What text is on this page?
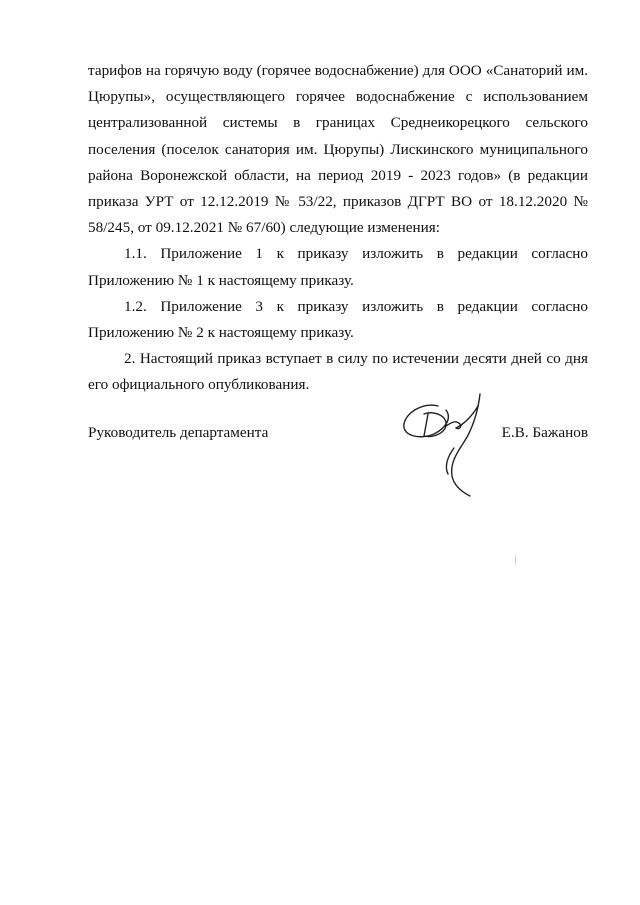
тарифов на горячую воду (горячее водоснабжение) для ООО «Санаторий им.
Цюрупы», осуществляющего горячее водоснабжение с использованием
централизованной системы в границах Среднеикорецкого сельского
поселения (поселок санатория им. Цюрупы) Лискинского муниципального
района Воронежской области, на период 2019 - 2023 годов» (в редакции
приказа УРТ от 12.12.2019 № 53/22, приказов ДГРТ ВО от 18.12.2020 №
58/245, от 09.12.2021 № 67/60) следующие изменения:
1.1. Приложение 1 к приказу изложить в редакции согласно
Приложению № 1 к настоящему приказу.
1.2. Приложение 3 к приказу изложить в редакции согласно
Приложению № 2 к настоящему приказу.
2. Настоящий приказ вступает в силу по истечении десяти дней со дня
его официального опубликования.
Руководитель департамента	Е.В. Бажанов
